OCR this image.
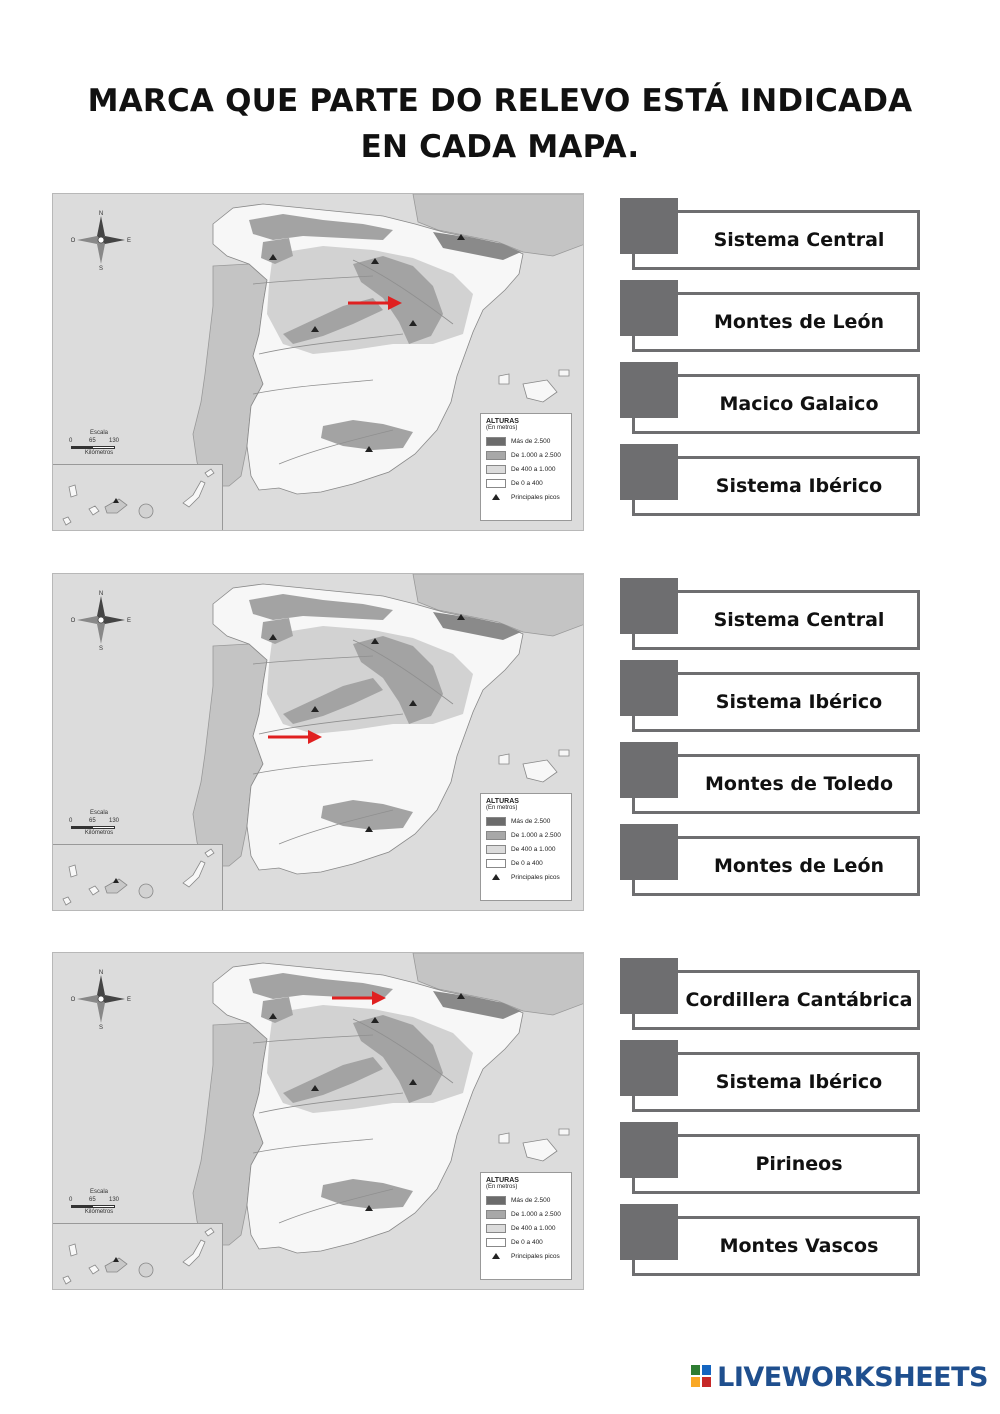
MARCA QUE PARTE DO RELEVO ESTÁ INDICADA
EN CADA MAPA.
N
S
E
O
Escala
0	65 130
Kilómetros
ALTURAS
(En metros)
Más de 2.500
De 1.000 a 2.500
De 400 a 1.000
De 0 a 400
Principales picos
N
S
E
O
Escala
0	65 130
Kilómetros
ALTURAS
(En metros)
Más de 2.500
De 1.000 a 2.500
De 400 a 1.000
De 0 a 400
Principales picos
N
S
E
O
Escala
0	65 130
Kilómetros
ALTURAS
(En metros)
Más de 2.500
De 1.000 a 2.500
De 400 a 1.000
De 0 a 400
Principales picos
Sistema Central
Montes de León
Macico Galaico
Sistema Ibérico
Sistema Central
Sistema Ibérico
Montes de Toledo
Montes de León
Cordillera Cantábrica
Sistema Ibérico
Pirineos
Montes Vascos
LIVEWORKSHEETS
